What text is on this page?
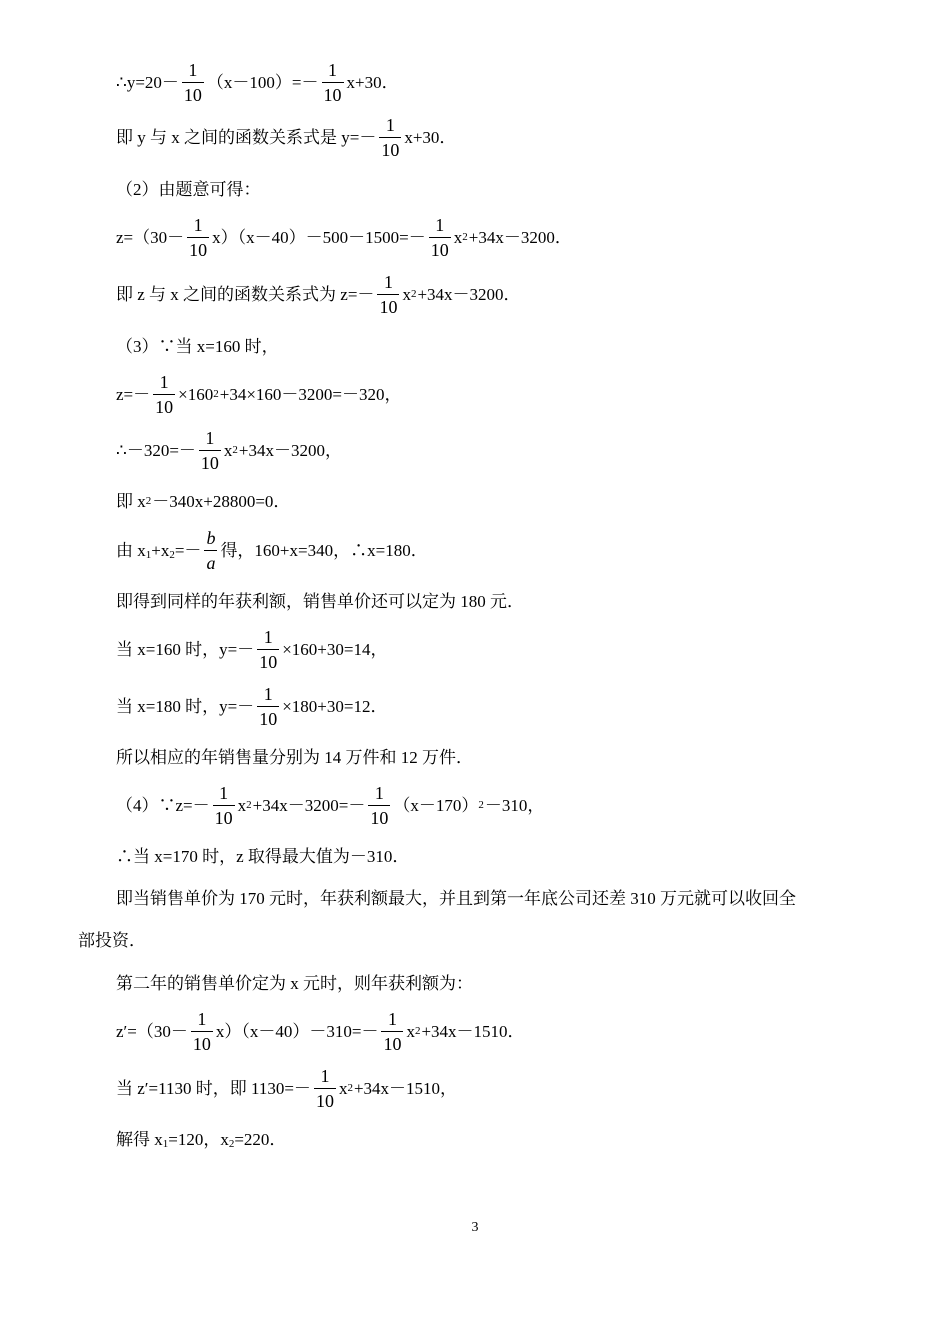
∴y=20－ $\frac{1}{10} (x-100)=- \frac{1}{10} x+30$．
即 y 与 x 之间的函数关系式是 $y=- \frac{1}{10} x+30$．
（2）由题意可得：
$z=(30- \frac{1}{10} x)(x-40)-500-1500=- \frac{1}{10}$ x 2 +34x－3200．
即 z 与 x 之间的函数关系式为 $z=- \frac{1}{10}$ x 2 +34x－3200．
（3）∵当 x=160 时，
$z=- \frac{1}{10} \times 160$ 2 +34×160－3200=－320，
∴－320=－ $\frac{1}{10}$ x 2 +34x－3200，
即 x 2 －340x+28800=0．
由 x 1 +x $2 =- \frac{b}{a}$ 得，160+x=340，∴x=180．
即得到同样的年获利额，销售单价还可以定为 180 元．
当 x=160 时，$y=- \frac{1}{10} \times 160+30=14$，
当 x=180 时，$y=- \frac{1}{10} \times 180+30=12$．
所以相应的年销售量分别为 14 万件和 12 万件．
（4）∵z=－ $\frac{1}{10}$ x $2 +34x-3200=- \frac{1}{10} (x-170)$ 2 －310，
∴当 x=170 时，z 取得最大值为－310．
即当销售单价为 170 元时，年获利额最大，并且到第一年底公司还差 310 万元就可以收回全
部投资．
第二年的销售单价定为 x 元时，则年获利额为：
$z'=(30- \frac{1}{10} x)(x-40)-310=- \frac{1}{10}$ x 2 +34x－1510．
当 z′=1130 时，即 $1130=- \frac{1}{10}$ x 2 +34x－1510，
解得 x 1 =120，x 2 =220．
3
